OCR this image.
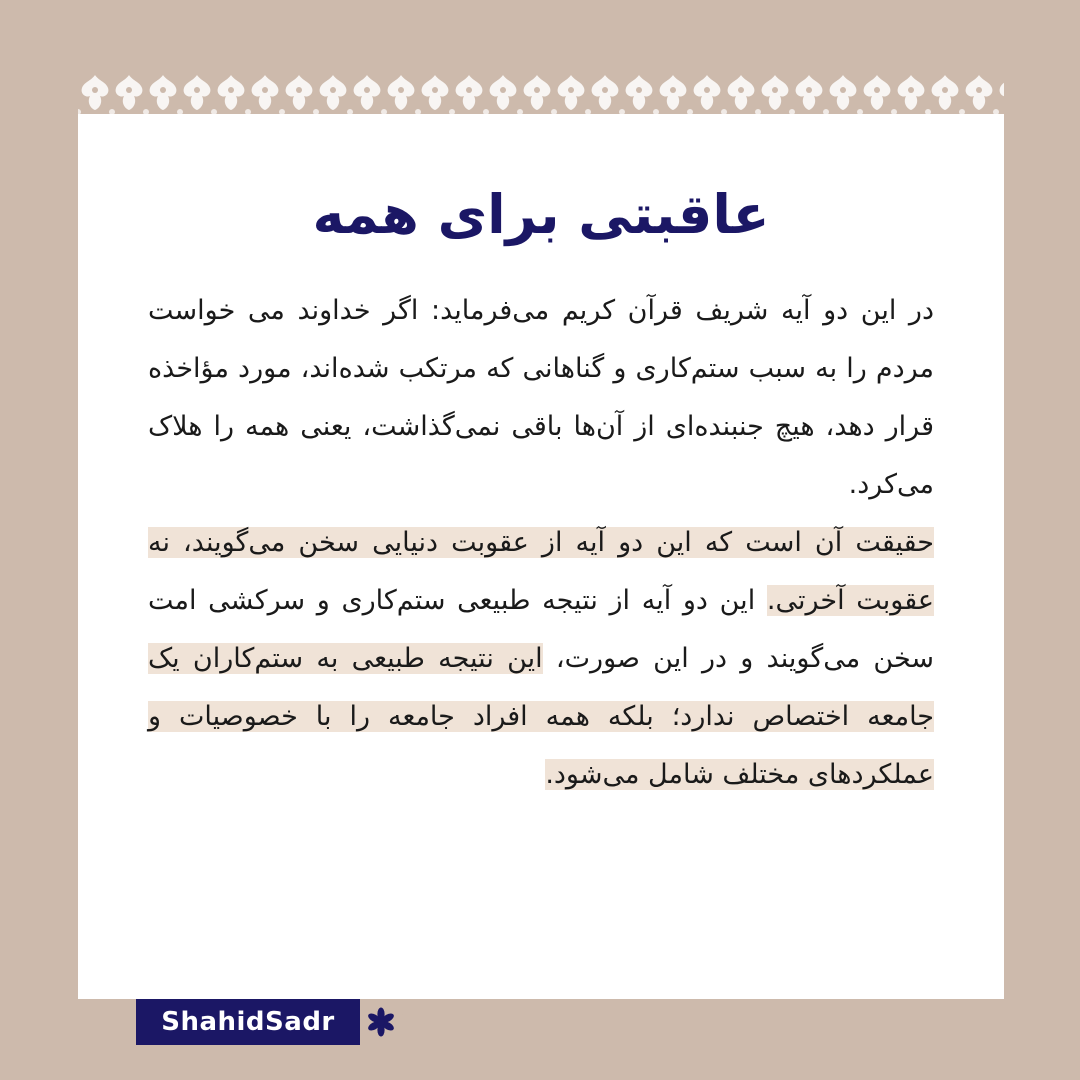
عاقبتی برای همه

در این دو آیه شریف قرآن کریم می‌فرماید: اگر خداوند می خواست مردم را به سبب ستم‌کاری و گناهانی که مرتکب شده‌اند، مورد مؤاخذه قرار دهد، هیچ جنبنده‌ای از آن‌ها باقی نمی‌گذاشت، یعنی همه را هلاک می‌کرد.

حقیقت آن است که این دو آیه از عقوبت دنیایی سخن می‌گویند، نه عقوبت آخرتی. این دو آیه از نتیجه طبیعی ستم‌کاری و سرکشی امت سخن می‌گویند و در این صورت، این نتیجه طبیعی به ستم‌کاران یک جامعه اختصاص ندارد؛ بلکه همه افراد جامعه را با خصوصیات و عملکردهای مختلف شامل می‌شود.

ShahidSadr
